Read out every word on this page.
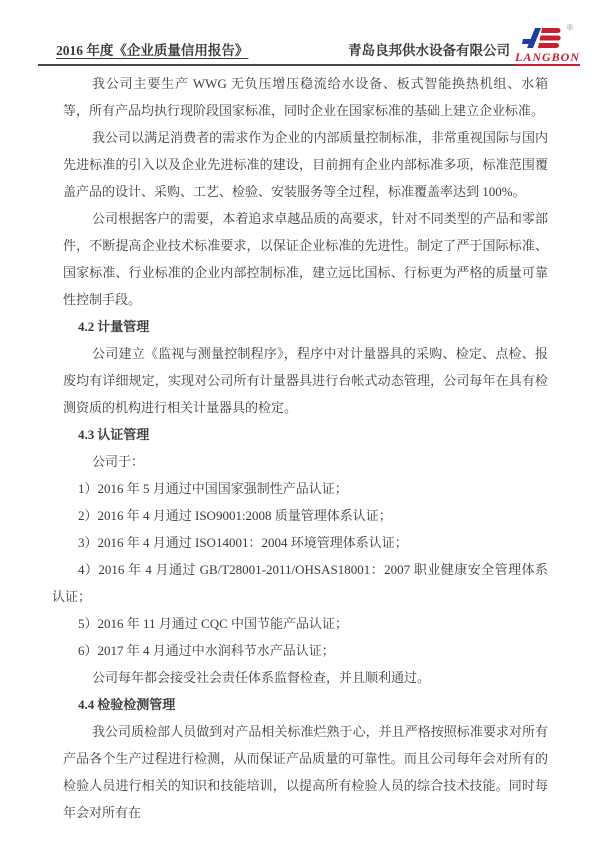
2016 年度《企业质量信用报告》	青岛良邦供水设备有限公司
®
LANGBON

我公司主要生产 WWG 无负压增压稳流给水设备、板式智能换热机组、水箱等，所有产品均执行现阶段国家标准，同时企业在国家标准的基础上建立企业标准。

我公司以满足消费者的需求作为企业的内部质量控制标准，非常重视国际与国内先进标准的引入以及企业先进标准的建设，目前拥有企业内部标准多项，标准范围覆盖产品的设计、采购、工艺、检验、安装服务等全过程，标准覆盖率达到 100%。

公司根据客户的需要，本着追求卓越品质的高要求，针对不同类型的产品和零部件，不断提高企业技术标准要求，以保证企业标准的先进性。制定了严于国际标准、国家标准、行业标准的企业内部控制标准，建立远比国标、行标更为严格的质量可靠性控制手段。

4.2 计量管理

公司建立《监视与测量控制程序》，程序中对计量器具的采购、检定、点检、报废均有详细规定，实现对公司所有计量器具进行台帐式动态管理，公司每年在具有检测资质的机构进行相关计量器具的检定。

4.3 认证管理

公司于：

1）2016 年 5 月通过中国国家强制性产品认证；
2）2016 年 4 月通过 ISO9001:2008 质量管理体系认证；
3）2016 年 4 月通过 ISO14001：2004 环境管理体系认证；
4）2016 年 4 月通过 GB/T28001-2011/OHSAS18001：2007 职业健康安全管理体系认证；
5）2016 年 11 月通过 CQC 中国节能产品认证；
6）2017 年 4 月通过中水润科节水产品认证；

公司每年都会接受社会责任体系监督检查，并且顺利通过。

4.4 检验检测管理

我公司质检部人员做到对产品相关标准烂熟于心，并且严格按照标准要求对所有产品各个生产过程进行检测，从而保证产品质量的可靠性。而且公司每年会对所有的检验人员进行相关的知识和技能培训，以提高所有检验人员的综合技术技能。同时每年会对所有在
